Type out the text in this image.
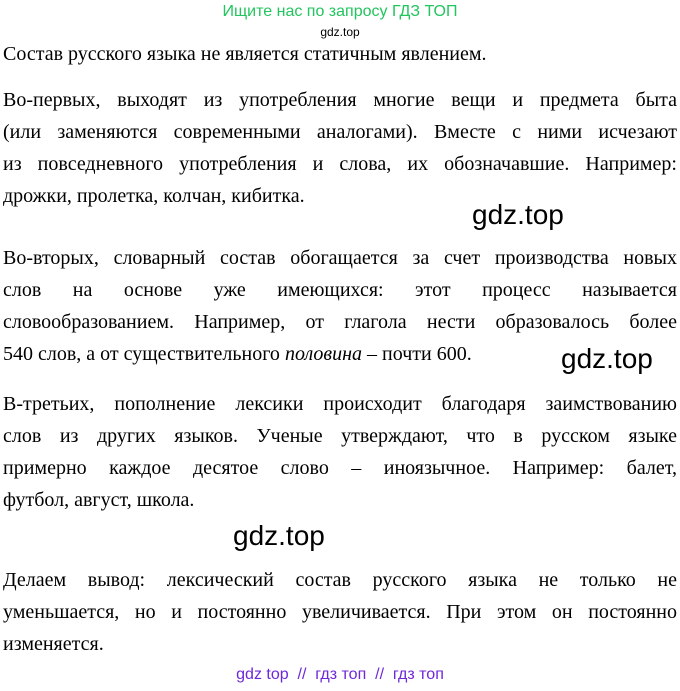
Ищите нас по запросу ГДЗ ТОП
gdz.top
Состав русского языка не является статичным явлением.
Во-первых, выходят из употребления многие вещи и предмета быта
(или заменяются современными аналогами). Вместе с ними исчезают
из повседневного употребления и слова, их обозначавшие. Например:
дрожки, пролетка, колчан, кибитка.
gdz.top
Во-вторых, словарный состав обогащается за счет производства новых
слов на основе уже имеющихся: этот процесс называется
словообразованием. Например, от глагола нести образовалось более
540 слов, а от существительного половина – почти 600.	gdz.top
В-третьих, пополнение лексики происходит благодаря заимствованию
слов из других языков. Ученые утверждают, что в русском языке
примерно каждое десятое слово – иноязычное. Например: балет,
футбол, август, школа.
gdz.top
Делаем вывод: лексический состав русского языка не только не
уменьшается, но и постоянно увеличивается. При этом он постоянно
изменяется.
gdz top  //  гдз топ  //  гдз топ
